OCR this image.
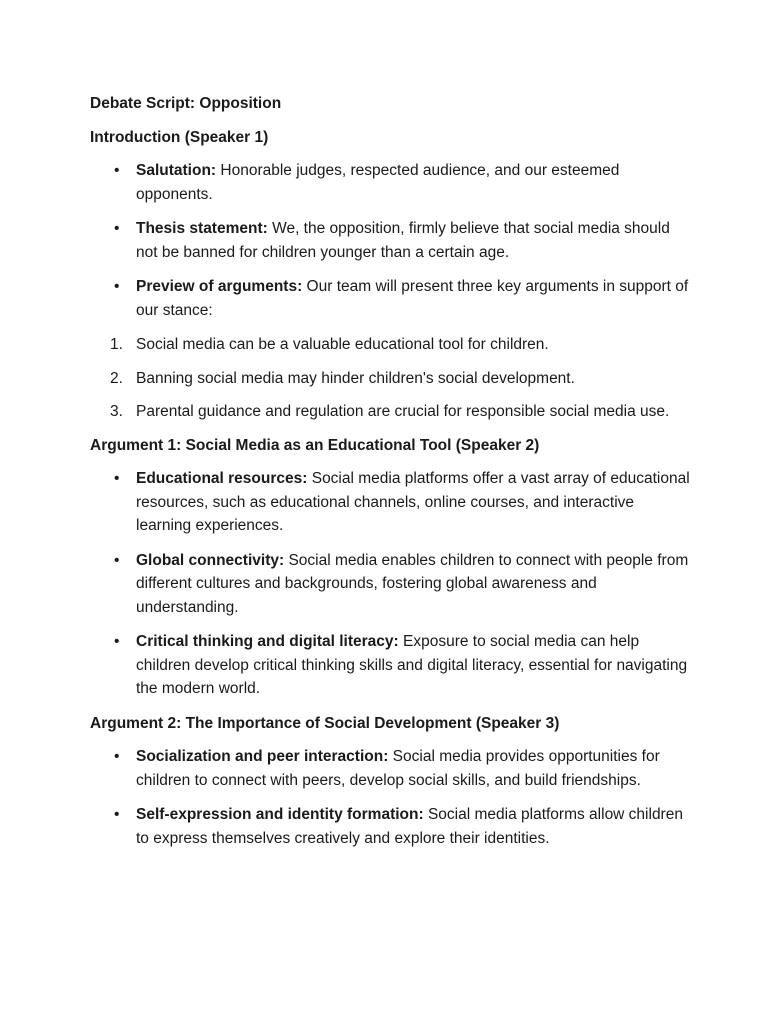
Debate Script: Opposition

Introduction (Speaker 1)

• Salutation: Honorable judges, respected audience, and our esteemed opponents.
• Thesis statement: We, the opposition, firmly believe that social media should not be banned for children younger than a certain age.
• Preview of arguments: Our team will present three key arguments in support of our stance:
1. Social media can be a valuable educational tool for children.
2. Banning social media may hinder children's social development.
3. Parental guidance and regulation are crucial for responsible social media use.

Argument 1: Social Media as an Educational Tool (Speaker 2)

• Educational resources: Social media platforms offer a vast array of educational resources, such as educational channels, online courses, and interactive learning experiences.
• Global connectivity: Social media enables children to connect with people from different cultures and backgrounds, fostering global awareness and understanding.
• Critical thinking and digital literacy: Exposure to social media can help children develop critical thinking skills and digital literacy, essential for navigating the modern world.

Argument 2: The Importance of Social Development (Speaker 3)

• Socialization and peer interaction: Social media provides opportunities for children to connect with peers, develop social skills, and build friendships.
• Self-expression and identity formation: Social media platforms allow children to express themselves creatively and explore their identities.
